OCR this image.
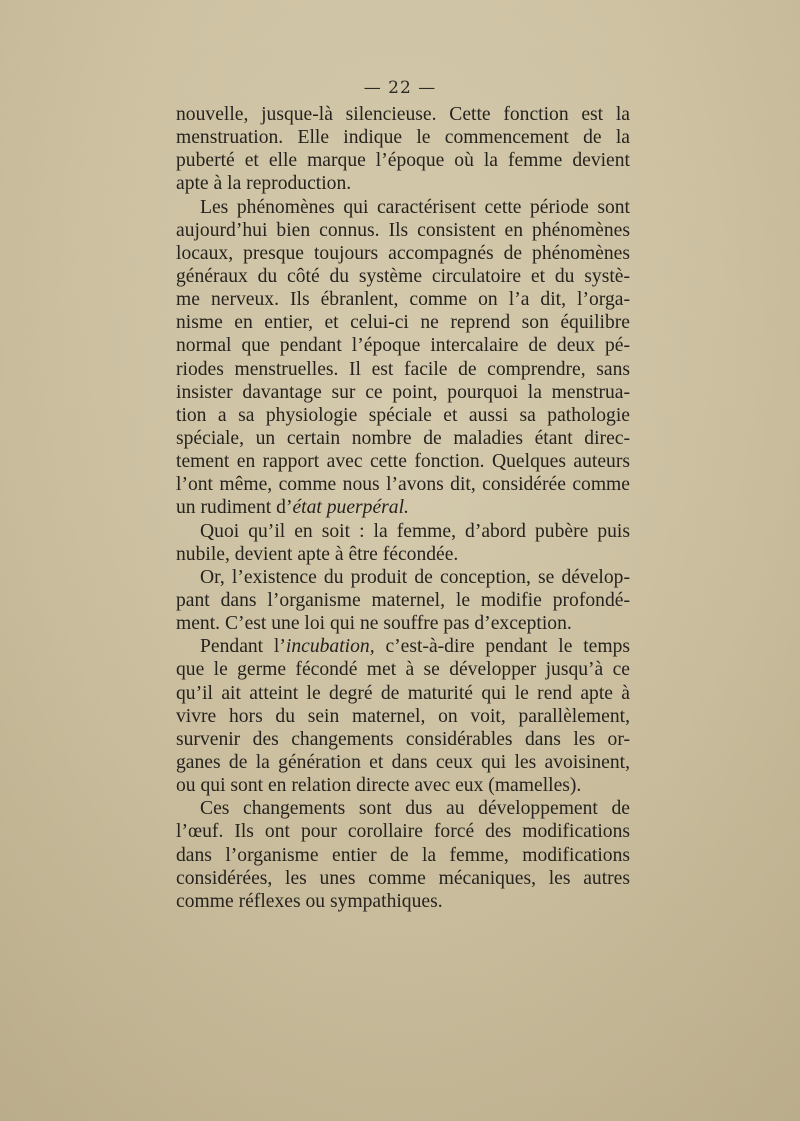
— 22 —
nouvelle, jusque-là silencieuse. Cette fonction est la
menstruation. Elle indique le commencement de la
puberté et elle marque l’époque où la femme devient
apte à la reproduction.
Les phénomènes qui caractérisent cette période sont
aujourd’hui bien connus. Ils consistent en phénomènes
locaux, presque toujours accompagnés de phénomènes
généraux du côté du système circulatoire et du systè-
me nerveux. Ils ébranlent, comme on l’a dit, l’orga-
nisme en entier, et celui-ci ne reprend son équilibre
normal que pendant l’époque intercalaire de deux pé-
riodes menstruelles. Il est facile de comprendre, sans
insister davantage sur ce point, pourquoi la menstrua-
tion a sa physiologie spéciale et aussi sa pathologie
spéciale, un certain nombre de maladies étant direc-
tement en rapport avec cette fonction. Quelques auteurs
l’ont même, comme nous l’avons dit, considérée comme
un rudiment d’état puerpéral.
Quoi qu’il en soit : la femme, d’abord pubère puis
nubile, devient apte à être fécondée.
Or, l’existence du produit de conception, se dévelop-
pant dans l’organisme maternel, le modifie profondé-
ment. C’est une loi qui ne souffre pas d’exception.
Pendant l’incubation, c’est-à-dire pendant le temps
que le germe fécondé met à se développer jusqu’à ce
qu’il ait atteint le degré de maturité qui le rend apte à
vivre hors du sein maternel, on voit, parallèlement,
survenir des changements considérables dans les or-
ganes de la génération et dans ceux qui les avoisinent,
ou qui sont en relation directe avec eux (mamelles).
Ces changements sont dus au développement de
l’œuf. Ils ont pour corollaire forcé des modifications
dans l’organisme entier de la femme, modifications
considérées, les unes comme mécaniques, les autres
comme réflexes ou sympathiques.
